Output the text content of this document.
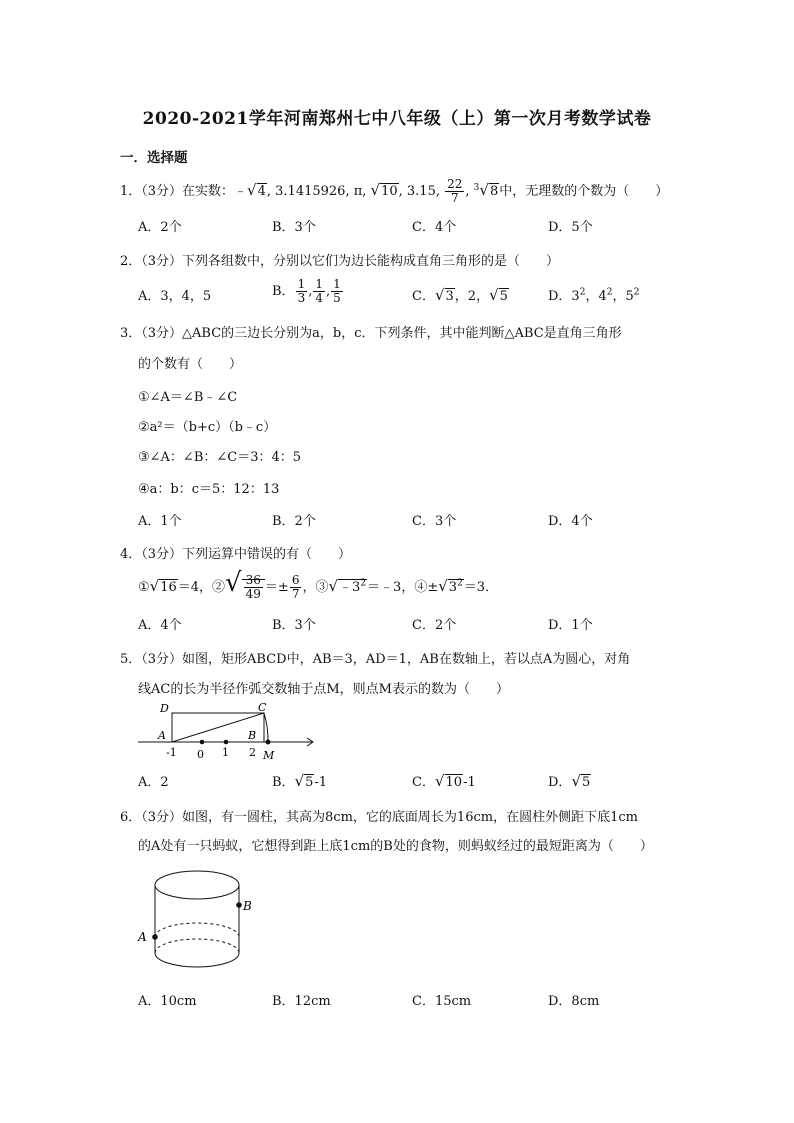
2020-2021学年河南郑州七中八年级（上）第一次月考数学试卷
一．选择题
1．（3分）在实数：﹣√4, 3.1415926, π, √10, 3.15, $\frac{22}{7}$ , $^3$√8中，无理数的个数为（　　）
A．2个	B．3个	C．4个	D．5个
2．（3分）下列各组数中，分别以它们为边长能构成直角三角形的是（　　）
A．3，4，5	B． $\frac{1}{3}$ , $\frac{1}{4}$ , $\frac{1}{5}$	C．√3，2，√5	D．$3^2$，$4^2$，$5^2$
3．（3分）△ABC的三边长分别为a，b，c．下列条件，其中能判断△ABC是直角三角形
的个数有（　　）
①∠A＝∠B﹣∠C
②a²＝（b+c）（b﹣c）
③∠A：∠B：∠C＝3：4：5
④a：b：c＝5：12：13
A．1个	B．2个	C．3个	D．4个
4．（3分）下列运算中错误的有（　　）
①√16＝4，②√ $\frac{36}{49} =\pm \frac{6}{7}$ ，$③√﹣3^2=﹣3$，$④\pm√3^2=3$．
A．4个	B．3个	C．2个	D．1个
5．（3分）如图，矩形ABCD中，AB＝3，AD＝1，AB在数轴上，若以点A为圆心，对角
线AC的长为半径作弧交数轴于点M，则点M表示的数为（　　）
D	C
A	B
M
-1 0 1 2
A．2	B．√5-1	C．√10-1	D．√5
6．（3分）如图，有一圆柱，其高为8cm，它的底面周长为16cm，在圆柱外侧距下底1cm
的A处有一只蚂蚁，它想得到距上底1cm的B处的食物，则蚂蚁经过的最短距离为（　　）
A
B
A．10cm	B．12cm	C．15cm	D．8cm
